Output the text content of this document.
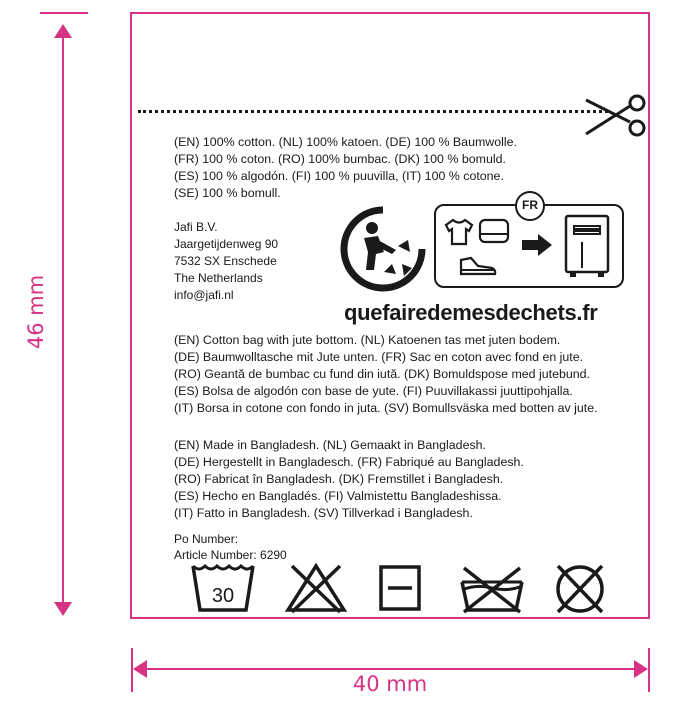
46 mm
40 mm
(EN) 100% cotton. (NL) 100% katoen. (DE) 100 % Baumwolle.
(FR) 100 % coton. (RO) 100% bumbac. (DK) 100 % bomuld.
(ES) 100 % algodón. (FI) 100 % puuvilla, (IT) 100 % cotone.
(SE) 100 % bomull.
Jafi B.V.
Jaargetijdenweg 90
7532 SX Enschede
The Netherlands
info@jafi.nl
FR
quefairedemesdechets.fr
(EN) Cotton bag with jute bottom. (NL) Katoenen tas met juten bodem.
(DE) Baumwolltasche mit Jute unten. (FR) Sac en coton avec fond en jute.
(RO) Geantă de bumbac cu fund din iută. (DK) Bomuldspose med jutebund.
(ES) Bolsa de algodón con base de yute. (FI) Puuvillakassi juuttipohjalla.
(IT) Borsa in cotone con fondo in juta. (SV) Bomullsväska med botten av jute.
(EN) Made in Bangladesh. (NL) Gemaakt in Bangladesh.
(DE) Hergestellt in Bangladesch. (FR) Fabriqué au Bangladesh.
(RO) Fabricat în Bangladesh. (DK) Fremstillet i Bangladesh.
(ES) Hecho en Bangladés. (FI) Valmistettu Bangladeshissa.
(IT) Fatto in Bangladesh. (SV) Tillverkad i Bangladesh.
Po Number:
Article Number: 6290
30
